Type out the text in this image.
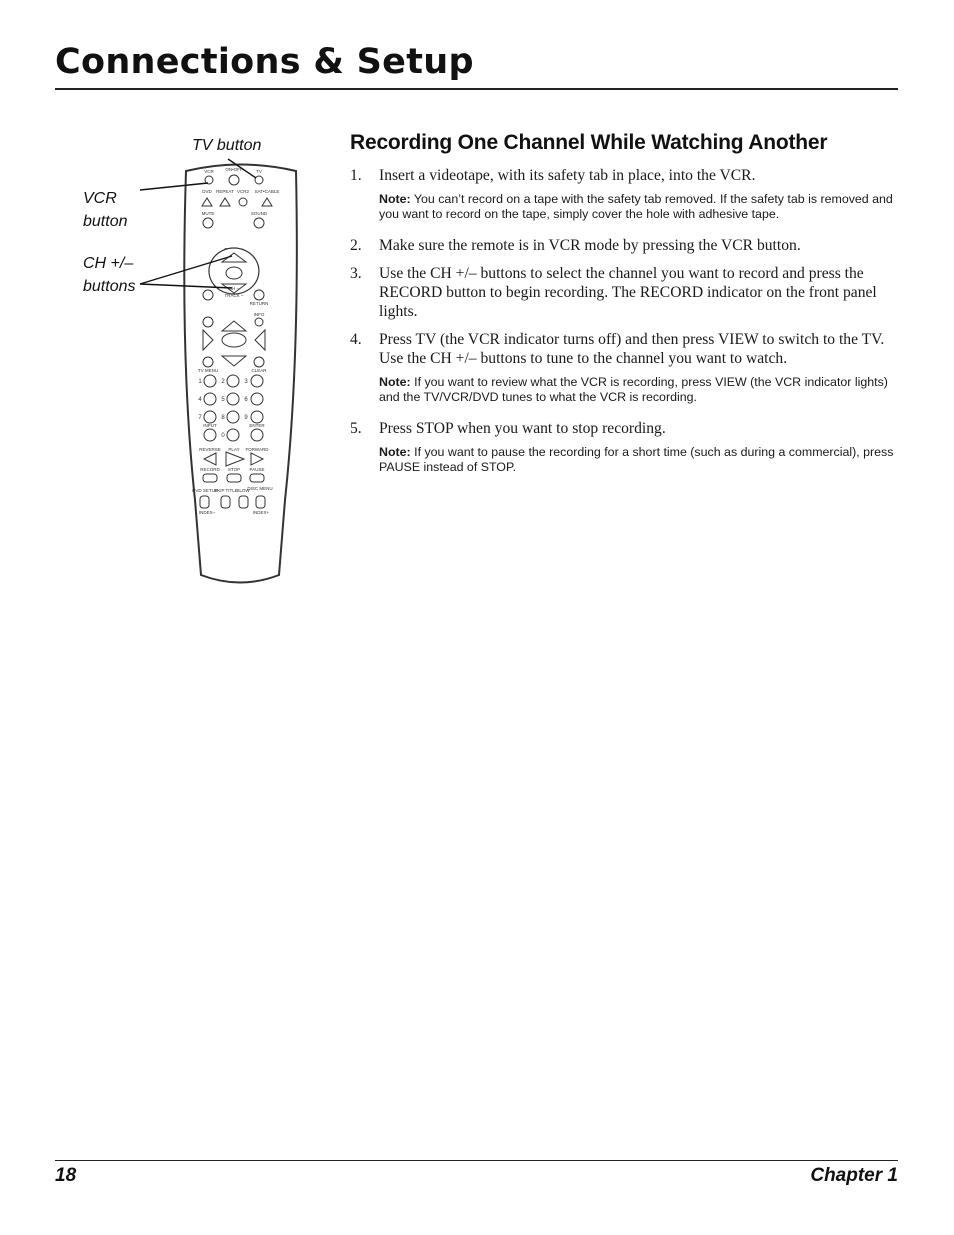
Connections & Setup
VCR	ON•OFF	TV
DVD REPEAT VCR2 SAT•CABLE
MUTE	SOUND
CH –
TRACK –
RETURN
INFO
TV MENU	CLEAR
1	2	3
4	5	6
7	8	9
INPUT	ENTER
0
REVERSE PLAY FORWARD
RECORD STOP PAUSE
DVD SETUP
SKIP TITLE
SLOW
DISC MENU
INDEX–	INDEX+
TV button
VCR
button
CH +/–
buttons
Recording One Channel While Watching Another
1. Insert a videotape, with its safety tab in place, into the VCR.
Note: You can’t record on a tape with the safety tab removed. If the safety tab is removed and you want to record on the tape, simply cover the hole with adhesive tape.
2. Make sure the remote is in VCR mode by pressing the VCR button.
3. Use the CH +/– buttons to select the channel you want to record and press the RECORD button to begin recording. The RECORD indicator on the front panel lights.
4. Press TV (the VCR indicator turns off) and then press VIEW to switch to the TV. Use the CH +/– buttons to tune to the channel you want to watch.
Note: If you want to review what the VCR is recording, press VIEW (the VCR indicator lights) and the TV/VCR/DVD tunes to what the VCR is recording.
5. Press STOP when you want to stop recording.
Note: If you want to pause the recording for a short time (such as during a commercial), press PAUSE instead of STOP.
18	Chapter 1
